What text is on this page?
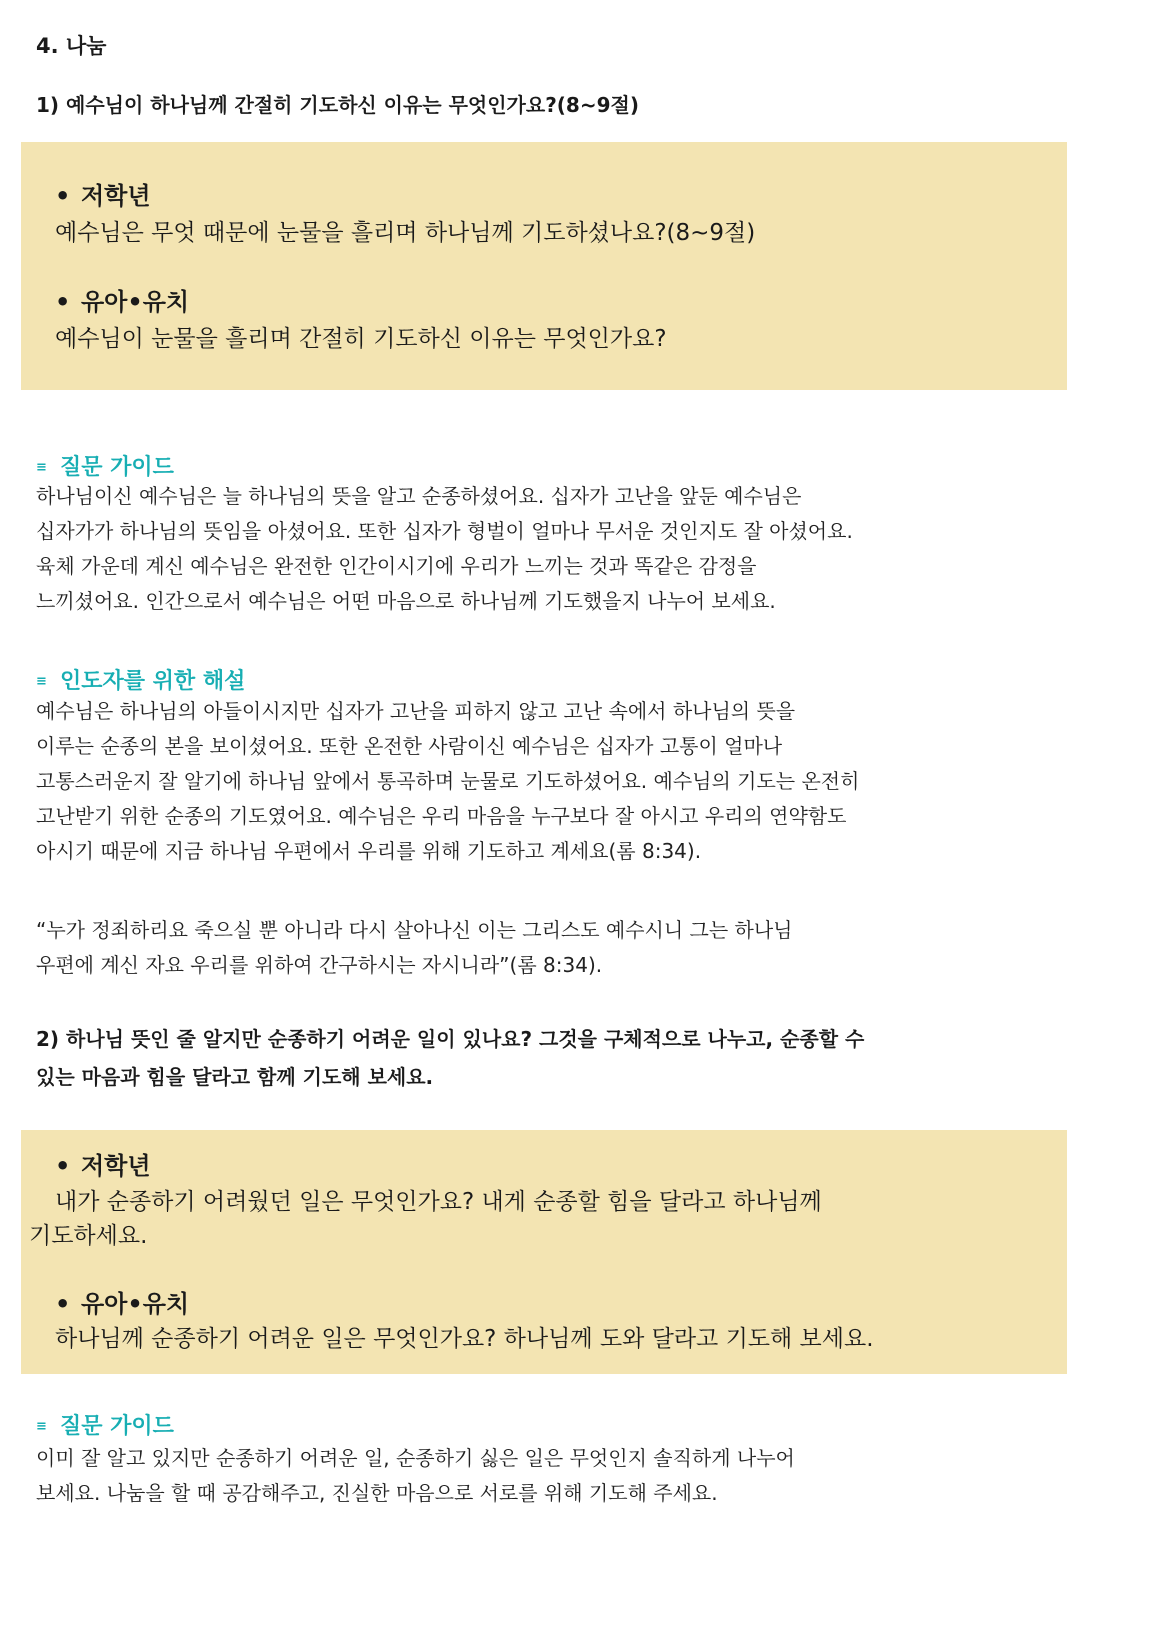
4. 나눔
1) 예수님이 하나님께 간절히 기도하신 이유는 무엇인가요?(8~9절)
• 저학년
예수님은 무엇 때문에 눈물을 흘리며 하나님께 기도하셨나요?(8~9절)
• 유아•유치
예수님이 눈물을 흘리며 간절히 기도하신 이유는 무엇인가요?
≡ 질문 가이드
하나님이신 예수님은 늘 하나님의 뜻을 알고 순종하셨어요. 십자가 고난을 앞둔 예수님은
십자가가 하나님의 뜻임을 아셨어요. 또한 십자가 형벌이 얼마나 무서운 것인지도 잘 아셨어요.
육체 가운데 계신 예수님은 완전한 인간이시기에 우리가 느끼는 것과 똑같은 감정을
느끼셨어요. 인간으로서 예수님은 어떤 마음으로 하나님께 기도했을지 나누어 보세요.
≡ 인도자를 위한 해설
예수님은 하나님의 아들이시지만 십자가 고난을 피하지 않고 고난 속에서 하나님의 뜻을
이루는 순종의 본을 보이셨어요. 또한 온전한 사람이신 예수님은 십자가 고통이 얼마나
고통스러운지 잘 알기에 하나님 앞에서 통곡하며 눈물로 기도하셨어요. 예수님의 기도는 온전히
고난받기 위한 순종의 기도였어요. 예수님은 우리 마음을 누구보다 잘 아시고 우리의 연약함도
아시기 때문에 지금 하나님 우편에서 우리를 위해 기도하고 계세요(롬 8:34).
“누가 정죄하리요 죽으실 뿐 아니라 다시 살아나신 이는 그리스도 예수시니 그는 하나님
우편에 계신 자요 우리를 위하여 간구하시는 자시니라”(롬 8:34).
2) 하나님 뜻인 줄 알지만 순종하기 어려운 일이 있나요? 그것을 구체적으로 나누고, 순종할 수
있는 마음과 힘을 달라고 함께 기도해 보세요.
• 저학년
내가 순종하기 어려웠던 일은 무엇인가요? 내게 순종할 힘을 달라고 하나님께
기도하세요.
• 유아•유치
하나님께 순종하기 어려운 일은 무엇인가요? 하나님께 도와 달라고 기도해 보세요.
≡ 질문 가이드
이미 잘 알고 있지만 순종하기 어려운 일, 순종하기 싫은 일은 무엇인지 솔직하게 나누어
보세요. 나눔을 할 때 공감해주고, 진실한 마음으로 서로를 위해 기도해 주세요.
